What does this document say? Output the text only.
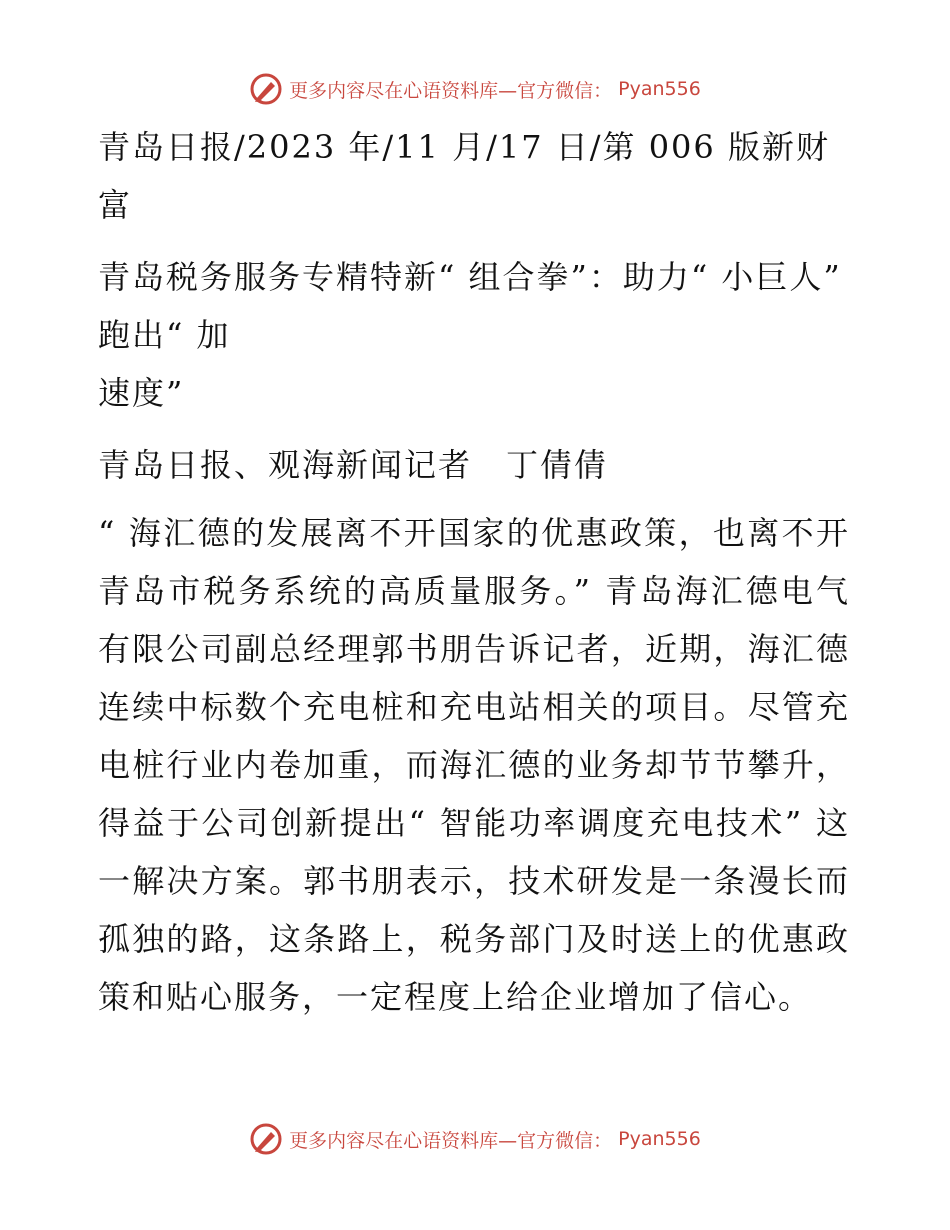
更多内容尽在心语资料库—官方微信： Pyan556

青岛日报/2023 年/11 月/17 日/第 006 版新财富

青岛税务服务专精特新“ 组合拳”：助力“ 小巨人” 跑出“ 加

速度”

青岛日报、观海新闻记者　丁倩倩

“ 海汇德的发展离不开国家的优惠政策，也离不开青岛市税务系统的高质量服务。” 青岛海汇德电气有限公司副总经理郭书朋告诉记者，近期，海汇德连续中标数个充电桩和充电站相关的项目。尽管充电桩行业内卷加重，而海汇德的业务却节节攀升，得益于公司创新提出“ 智能功率调度充电技术” 这一解决方案。郭书朋表示，技术研发是一条漫长而孤独的路，这条路上，税务部门及时送上的优惠政策和贴心服务，一定程度上给企业增加了信心。

更多内容尽在心语资料库—官方微信： Pyan556
